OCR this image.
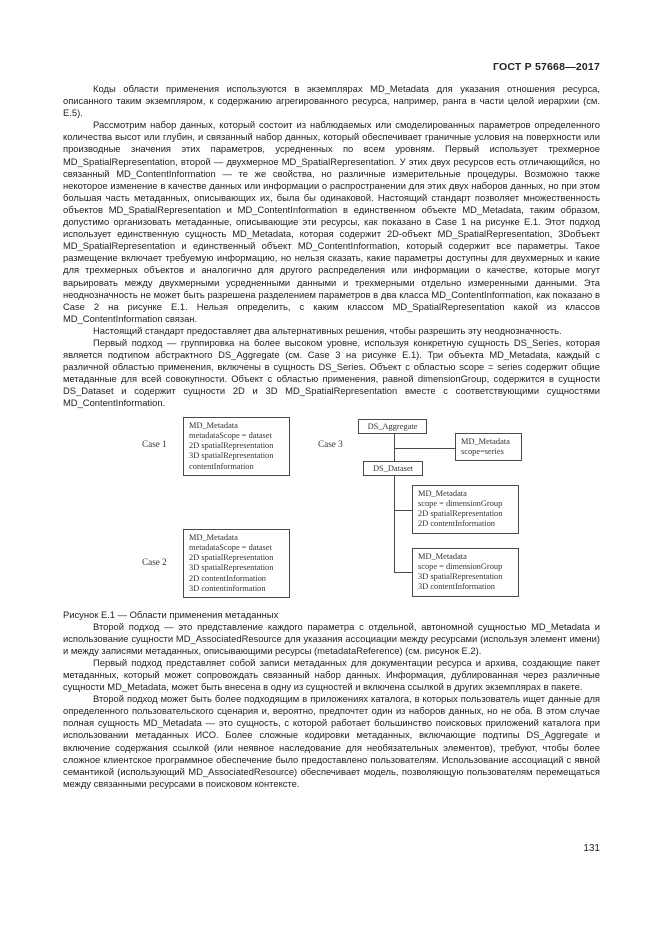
ГОСТ Р 57668—2017

Коды области применения используются в экземплярах MD_Metadata для указания отношения ресурса, описанного таким экземпляром, к содержанию агрегированного ресурса, например, ранга в части целой иерархии (см. Е.5).

Рассмотрим набор данных, который состоит из наблюдаемых или смоделированных параметров определенного количества высот или глубин, и связанный набор данных, который обеспечивает граничные условия на поверхности или производные значения этих параметров, усредненных по всем уровням. Первый использует трехмерное MD_SpatialRepresentation, второй — двухмерное MD_SpatialRepresentation. У этих двух ресурсов есть отличающийся, но связанный MD_ContentInformation — те же свойства, но различные измерительные процедуры. Возможно также некоторое изменение в качестве данных или информации о распространении для этих двух наборов данных, но при этом большая часть метаданных, описывающих их, была бы одинаковой. Настоящий стандарт позволяет множественность объектов MD_SpatialRepresentation и MD_ContentInformation в единственном объекте MD_Metadata, таким образом, допустимо организовать метаданные, описывающие эти ресурсы, как показано в Case 1 на рисунке Е.1. Этот подход использует единственную сущность MD_Metadata, которая содержит 2D-объект MD_SpatialRepresentation, 3Dобъект MD_SpatialRepresentation и единственный объект MD_ContentInformation, который содержит все параметры. Такое размещение включает требуемую информацию, но нельзя сказать, какие параметры доступны для двухмерных и какие для трехмерных объектов и аналогично для другого распределения или информации о качестве, которые могут варьировать между двухмерными усредненными данными и трехмерными отдельно измеренными данными. Эта неоднозначность не может быть разрешена разделением параметров в два класса MD_ContentInformation, как показано в Case 2 на рисунке Е.1. Нельзя определить, с каким классом MD_SpatialRepresentation какой из классов MD_ContentInformation связан.

Настоящий стандарт предоставляет два альтернативных решения, чтобы разрешить эту неоднозначность.

Первый подход — группировка на более высоком уровне, используя конкретную сущность DS_Series, которая является подтипом абстрактного DS_Aggregate (см. Case 3 на рисунке Е.1). Три объекта MD_Metadata, каждый с различной областью применения, включены в сущность DS_Series. Объект с областью scope = series содержит общие метаданные для всей совокупности. Объект с областью применения, равной dimensionGroup, содержится в сущности DS_Dataset и содержит сущности 2D и 3D MD_SpatialRepresentation вместе с соответствующими сущностями MD_ContentInformation.

Case 1
MD_Metadata
metadataScope = dataset
2D spatialRepresentation
3D spatialRepresentation
contentInformation
Case 2
MD_Metadata
metadataScope = dataset
2D spatialRepresentation
3D spatialRepresentation
2D contentInformation
3D contentinformation
Case 3
DS_Aggregate
MD_Metadata
scope=series
DS_Dataset
MD_Metadata
scope = dimensionGroup
2D spatialRepresentation
2D contentInformation
MD_Metadata
scope = dimensionGroup
3D spatialRepresentation
3D contentInformation

Рисунок Е.1 — Области применения метаданных

Второй подход — это представление каждого параметра с отдельной, автономной сущностью MD_Metadata и использование сущности MD_AssociatedResource для указания ассоциации между ресурсами (используя элемент имени) и между записями метаданных, описывающими ресурсы (metadataReference) (см. рисунок Е.2).

Первый подход представляет собой записи метаданных для документации ресурса и архива, создающие пакет метаданных, который может сопровождать связанный набор данных. Информация, дублированная через различные сущности MD_Metadata, может быть внесена в одну из сущностей и включена ссылкой в других экземплярах в пакете.

Второй подход может быть более подходящим в приложениях каталога, в которых пользователь ищет данные для определенного пользовательского сценария и, вероятно, предпочтет один из наборов данных, но не оба. В этом случае полная сущность MD_Metadata — это сущность, с которой работает большинство поисковых приложений каталога при использовании метаданных ИСО. Более сложные кодировки метаданных, включающие подтипы DS_Aggregate и включение содержания ссылкой (или неявное наследование для необязательных элементов), требуют, чтобы более сложное клиентское программное обеспечение было предоставлено пользователям. Использование ассоциаций с явной семантикой (использующий MD_AssociatedResource) обеспечивает модель, позволяющую пользователям перемещаться между связанными ресурсами в поисковом контексте.

131
